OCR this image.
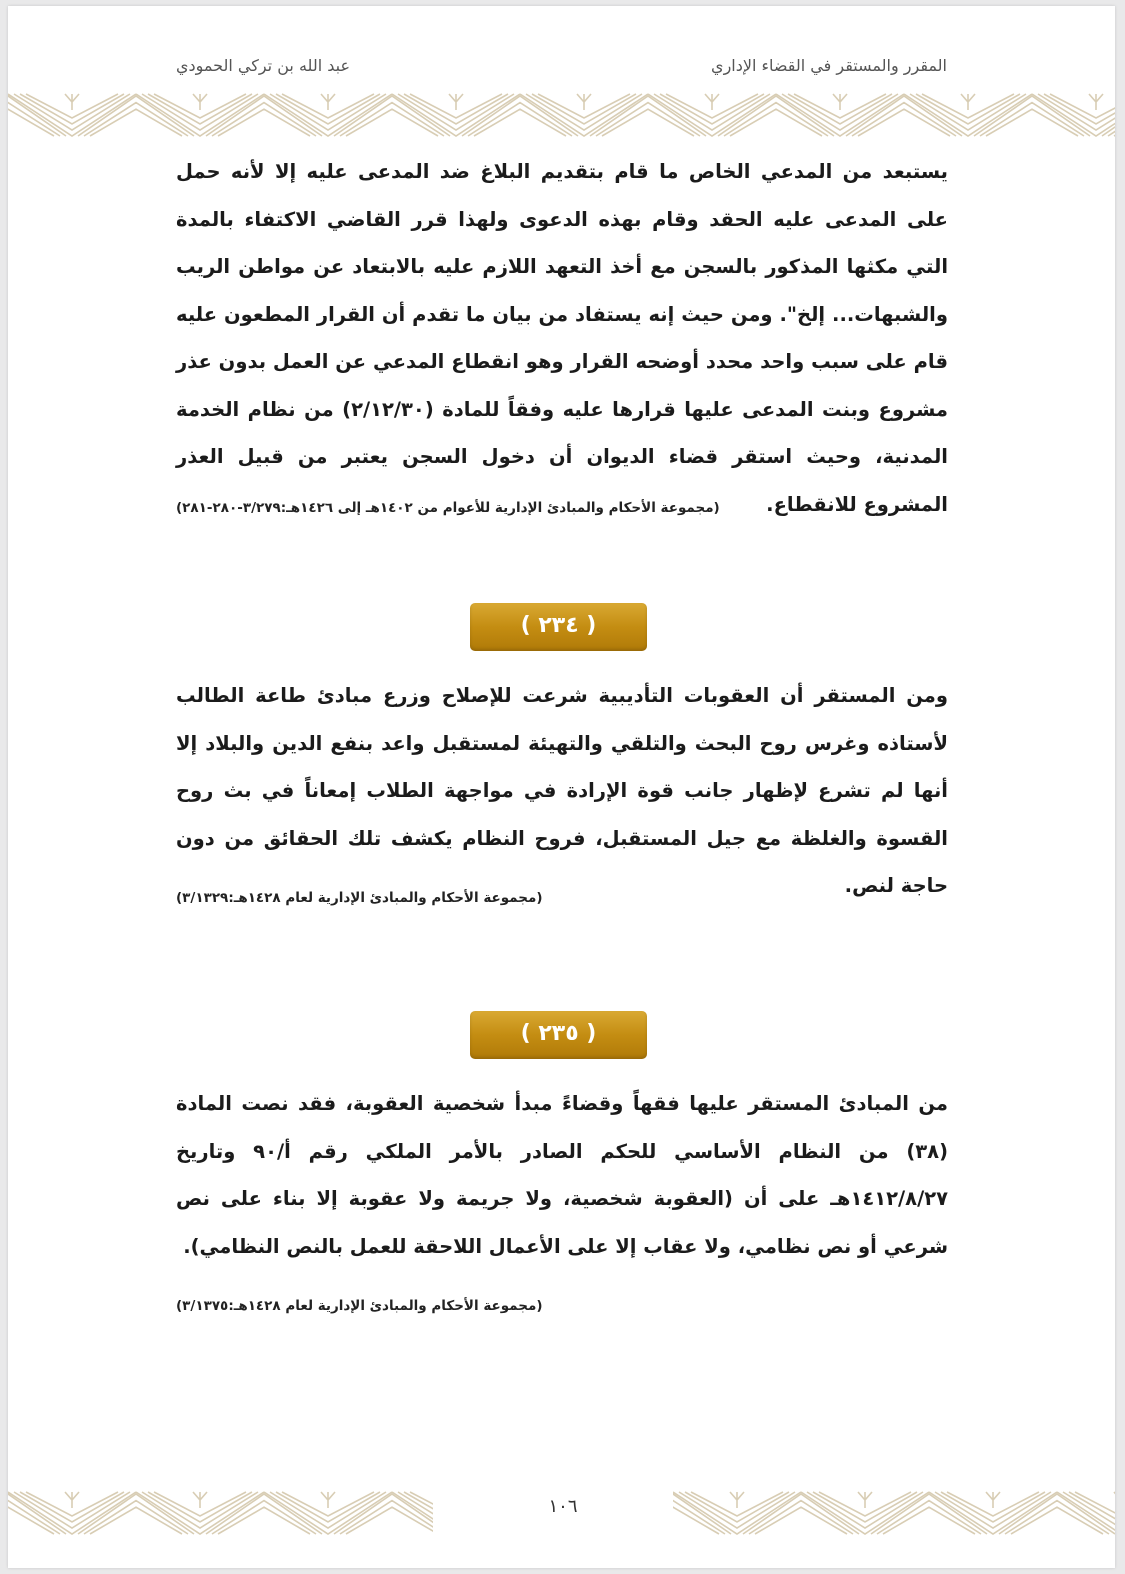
المقرر والمستقر في القضاء الإداري
عبد الله بن تركي الحمودي
يستبعد من المدعي الخاص ما قام بتقديم البلاغ ضد المدعى عليه إلا لأنه حمل على المدعى عليه الحقد وقام بهذه الدعوى ولهذا قرر القاضي الاكتفاء بالمدة التي مكثها المذكور بالسجن مع أخذ التعهد اللازم عليه بالابتعاد عن مواطن الريب والشبهات... إلخ". ومن حيث إنه يستفاد من بيان ما تقدم أن القرار المطعون عليه قام على سبب واحد محدد أوضحه القرار وهو انقطاع المدعي عن العمل بدون عذر مشروع وبنت المدعى عليها قرارها عليه وفقاً للمادة (٢/١٢/٣٠) من نظام الخدمة المدنية، وحيث استقر قضاء الديوان أن دخول السجن يعتبر من قبيل العذر المشروع للانقطاع.
(مجموعة الأحكام والمبادئ الإدارية للأعوام من ١٤٠٢هـ إلى ١٤٢٦هـ:٣/٢٧٩-٢٨٠-٢٨١)
( ٢٣٤ )
ومن المستقر أن العقوبات التأديبية شرعت للإصلاح وزرع مبادئ طاعة الطالب لأستاذه وغرس روح البحث والتلقي والتهيئة لمستقبل واعد بنفع الدين والبلاد إلا أنها لم تشرع لإظهار جانب قوة الإرادة في مواجهة الطلاب إمعاناً في بث روح القسوة والغلظة مع جيل المستقبل، فروح النظام يكشف تلك الحقائق من دون حاجة لنص.
(مجموعة الأحكام والمبادئ الإدارية لعام ١٤٢٨هـ:٣/١٣٢٩)
( ٢٣٥ )
من المبادئ المستقر عليها فقهاً وقضاءً مبدأ شخصية العقوبة، فقد نصت المادة (٣٨) من النظام الأساسي للحكم الصادر بالأمر الملكي رقم أ/٩٠ وتاريخ ١٤١٢/٨/٢٧هـ على أن (العقوبة شخصية، ولا جريمة ولا عقوبة إلا بناء على نص شرعي أو نص نظامي، ولا عقاب إلا على الأعمال اللاحقة للعمل بالنص النظامي).
(مجموعة الأحكام والمبادئ الإدارية لعام ١٤٢٨هـ:٣/١٣٧٥)
١٠٦
